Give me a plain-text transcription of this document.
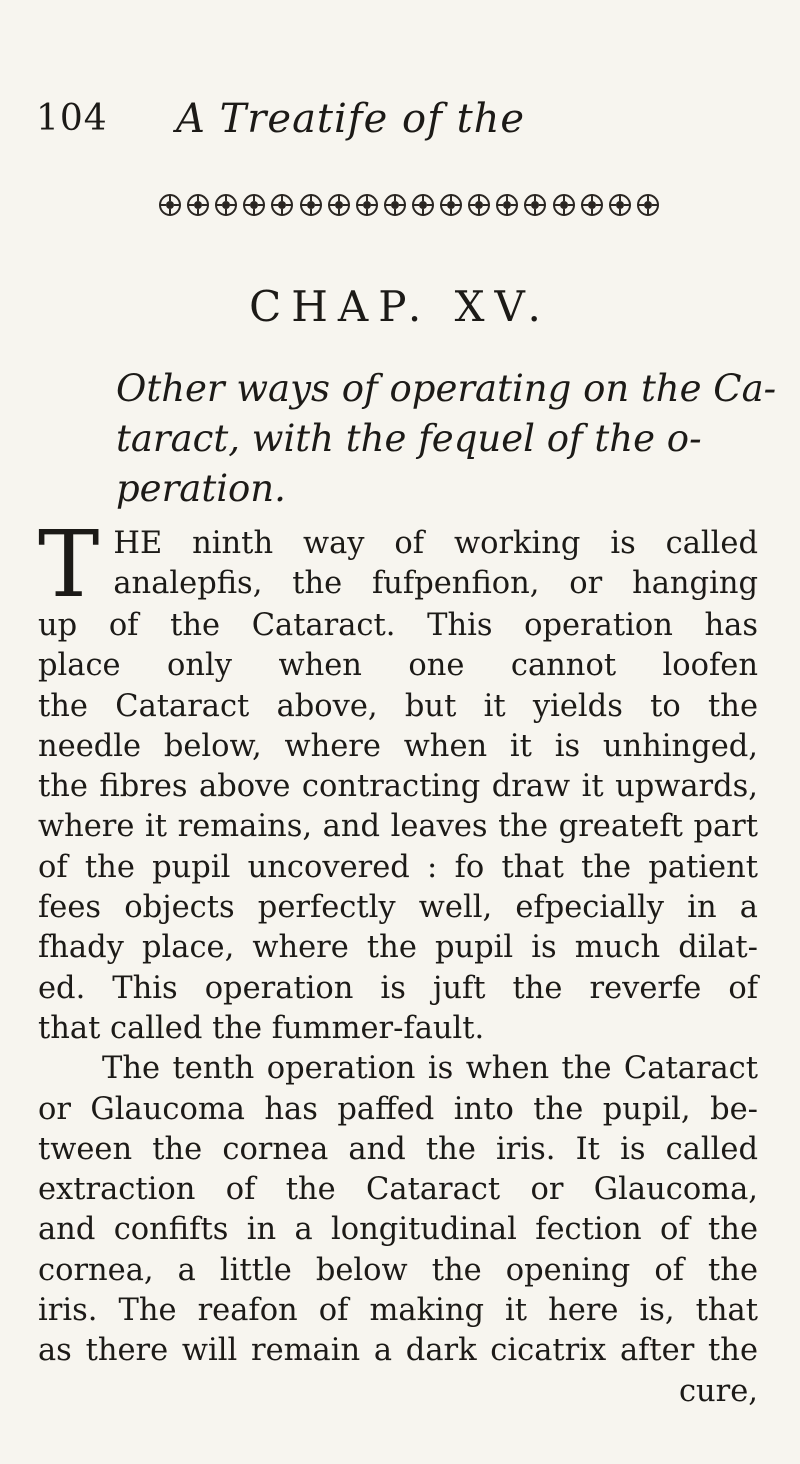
104 A Treatife of the
CHAP. XV.
Other ways of operating on the Ca-
taract, with the fequel of the o-
peration.
T HE ninth way of working is called
analepfis, the fufpenfion, or hanging
up of the Cataract. This operation has
place only when one cannot loofen
the Cataract above, but it yields to the
needle below, where when it is unhinged,
the fibres above contracting draw it upwards,
where it remains, and leaves the greateft part
of the pupil uncovered : fo that the patient
fees objects perfectly well, efpecially in a
fhady place, where the pupil is much dilat-
ed. This operation is juft the reverfe of
that called the fummer-fault.
The tenth operation is when the Cataract
or Glaucoma has paffed into the pupil, be-
tween the cornea and the iris. It is called
extraction of the Cataract or Glaucoma,
and confifts in a longitudinal fection of the
cornea, a little below the opening of the
iris. The reafon of making it here is, that
as there will remain a dark cicatrix after the
cure,
